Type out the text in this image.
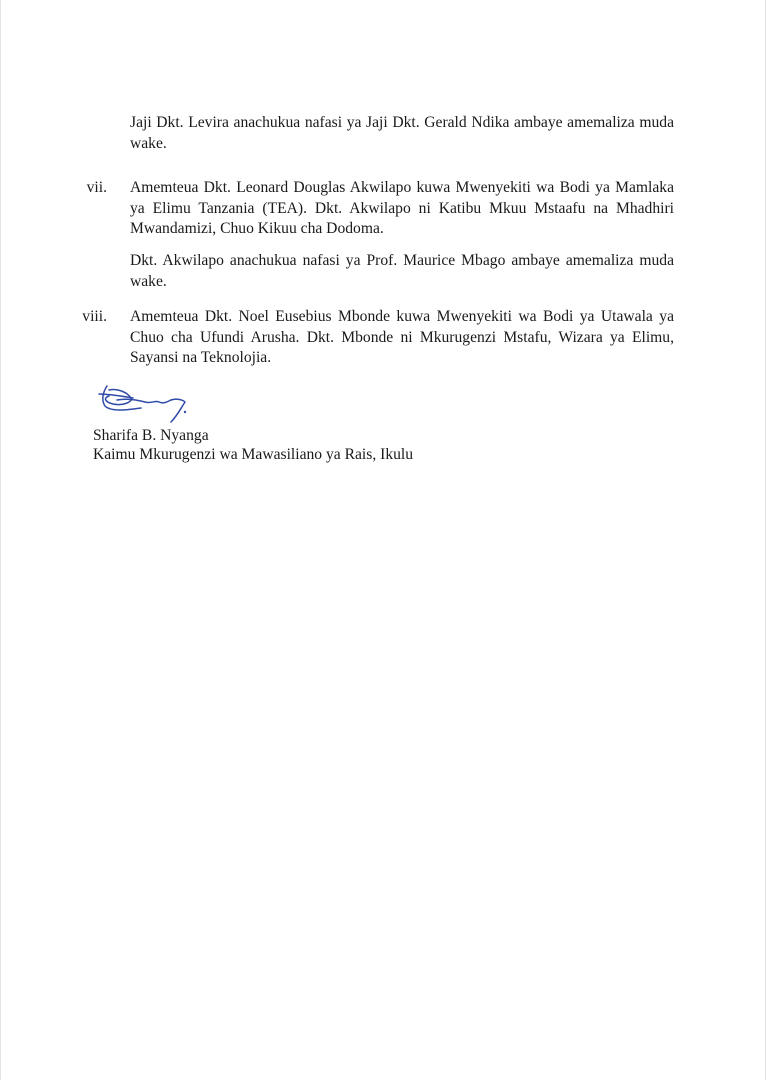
Jaji Dkt. Levira anachukua nafasi ya Jaji Dkt. Gerald Ndika ambaye amemaliza muda wake.

vii. Amemteua Dkt. Leonard Douglas Akwilapo kuwa Mwenyekiti wa Bodi ya Mamlaka ya Elimu Tanzania (TEA). Dkt. Akwilapo ni Katibu Mkuu Mstaafu na Mhadhiri Mwandamizi, Chuo Kikuu cha Dodoma.

Dkt. Akwilapo anachukua nafasi ya Prof. Maurice Mbago ambaye amemaliza muda wake.

viii. Amemteua Dkt. Noel Eusebius Mbonde kuwa Mwenyekiti wa Bodi ya Utawala ya Chuo cha Ufundi Arusha. Dkt. Mbonde ni Mkurugenzi Mstafu, Wizara ya Elimu, Sayansi na Teknolojia.

Sharifa B. Nyanga

Kaimu Mkurugenzi wa Mawasiliano ya Rais, Ikulu
